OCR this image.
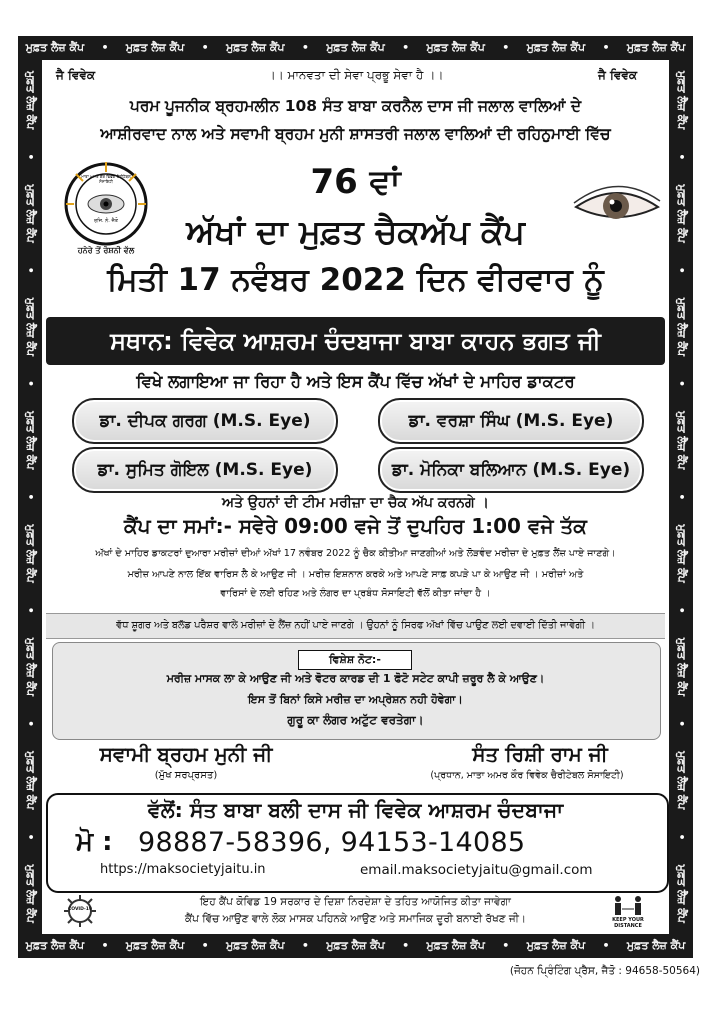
ਮੁਫ਼ਤ ਲੈਜ਼ ਕੈਂਪ • ਮੁਫ਼ਤ ਲੈਜ਼ ਕੈਂਪ • ਮੁਫ਼ਤ ਲੈਜ਼ ਕੈਂਪ • ਮੁਫ਼ਤ ਲੈਜ਼ ਕੈਂਪ • ਮੁਫ਼ਤ ਲੈਜ਼ ਕੈਂਪ • ਮੁਫ਼ਤ ਲੈਜ਼ ਕੈਂਪ • ਮੁਫ਼ਤ ਲੈਜ਼ ਕੈਂਪ
ਮੁਫ਼ਤ ਲੈਜ਼ ਕੈਂਪ • ਮੁਫ਼ਤ ਲੈਜ਼ ਕੈਂਪ • ਮੁਫ਼ਤ ਲੈਜ਼ ਕੈਂਪ • ਮੁਫ਼ਤ ਲੈਜ਼ ਕੈਂਪ • ਮੁਫ਼ਤ ਲੈਜ਼ ਕੈਂਪ • ਮੁਫ਼ਤ ਲੈਜ਼ ਕੈਂਪ • ਮੁਫ਼ਤ ਲੈਜ਼ ਕੈਂਪ
ਮੁਫ਼ਤ ਲੈਜ਼ ਕੈਂਪ
•
ਮੁਫ਼ਤ ਲੈਜ਼ ਕੈਂਪ
•
ਮੁਫ਼ਤ ਲੈਜ਼ ਕੈਂਪ
•
ਮੁਫ਼ਤ ਲੈਜ਼ ਕੈਂਪ
•
ਮੁਫ਼ਤ ਲੈਜ਼ ਕੈਂਪ
•
ਮੁਫ਼ਤ ਲੈਜ਼ ਕੈਂਪ
•
ਮੁਫ਼ਤ ਲੈਜ਼ ਕੈਂਪ
•
ਮੁਫ਼ਤ ਲੈਜ਼ ਕੈਂਪ
ਮੁਫ਼ਤ ਲੈਜ਼ ਕੈਂਪ
•
ਮੁਫ਼ਤ ਲੈਜ਼ ਕੈਂਪ
•
ਮੁਫ਼ਤ ਲੈਜ਼ ਕੈਂਪ
•
ਮੁਫ਼ਤ ਲੈਜ਼ ਕੈਂਪ
•
ਮੁਫ਼ਤ ਲੈਜ਼ ਕੈਂਪ
•
ਮੁਫ਼ਤ ਲੈਜ਼ ਕੈਂਪ
•
ਮੁਫ਼ਤ ਲੈਜ਼ ਕੈਂਪ
•
ਮੁਫ਼ਤ ਲੈਜ਼ ਕੈਂਪ
ਜੈ ਵਿਵੇਕ	।। ਮਾਨਵਤਾ ਦੀ ਸੇਵਾ ਪ੍ਰਭੂ ਸੇਵਾ ਹੈ ।।	ਜੈ ਵਿਵੇਕ
ਪਰਮ ਪੂਜਨੀਕ ਬ੍ਰਹਮਲੀਨ 108 ਸੰਤ ਬਾਬਾ ਕਰਨੈਲ ਦਾਸ ਜੀ ਜਲਾਲ ਵਾਲਿਆਂ ਦੇ
ਆਸ਼ੀਰਵਾਦ ਨਾਲ ਅਤੇ ਸਵਾਮੀ ਬ੍ਰਹਮ ਮੁਨੀ ਸ਼ਾਸਤਰੀ ਜਲਾਲ ਵਾਲਿਆਂ ਦੀ ਰਹਿਨੁਮਾਈ ਵਿੱਚ
ਮਾਤਾ ਅਮਰ ਕੌਰ ਵਿਵੇਕ ਚੈਰੀਟੇਬਲ ਸੋਸਾਇਟੀ
ਰਜਿ. ਨੰ. ਜੈਤੋ
ਹਨੇਰੇ ਤੋਂ ਰੋਸ਼ਨੀ ਵੱਲ
76 ਵਾਂ
ਅੱਖਾਂ ਦਾ ਮੁਫ਼ਤ ਚੈਕਅੱਪ ਕੈਂਪ
ਮਿਤੀ 17 ਨਵੰਬਰ 2022 ਦਿਨ ਵੀਰਵਾਰ ਨੂੰ
ਸਥਾਨ: ਵਿਵੇਕ ਆਸ਼ਰਮ ਚੰਦਬਾਜਾ ਬਾਬਾ ਕਾਹਨ ਭਗਤ ਜੀ
ਵਿਖੇ ਲਗਾਇਆ ਜਾ ਰਿਹਾ ਹੈ ਅਤੇ ਇਸ ਕੈਂਪ ਵਿੱਚ ਅੱਖਾਂ ਦੇ ਮਾਹਿਰ ਡਾਕਟਰ
ਡਾ. ਦੀਪਕ ਗਰਗ (M.S. Eye)	ਡਾ. ਵਰਸ਼ਾ ਸਿੰਘ (M.S. Eye)
ਡਾ. ਸੁਮਿਤ ਗੋਇਲ (M.S. Eye)	ਡਾ. ਮੋਨਿਕਾ ਬਲਿਆਨ (M.S. Eye)
ਅਤੇ ਉਹਨਾਂ ਦੀ ਟੀਮ ਮਰੀਜ਼ਾ ਦਾ ਚੈਕ ਅੱਪ ਕਰਨਗੇ ।
ਕੈਂਪ ਦਾ ਸਮਾਂ:- ਸਵੇਰੇ 09:00 ਵਜੇ ਤੋਂ ਦੁਪਹਿਰ 1:00 ਵਜੇ ਤੱਕ
ਅੱਖਾਂ ਦੇ ਮਾਹਿਰ ਡਾਕਟਰਾਂ ਦੁਆਰਾ ਮਰੀਜ਼ਾਂ ਦੀਆਂ ਅੱਖਾਂ 17 ਨਵੰਬਰ 2022 ਨੂੰ ਚੈਕ ਕੀਤੀਆ ਜਾਣਗੀਆਂ ਅਤੇ ਲੋੜਵੰਦ ਮਰੀਜ਼ਾ ਦੇ ਮੁਫ਼ਤ ਲੈਂਜ਼ ਪਾਏ ਜਾਣਗੇ।
ਮਰੀਜ਼ ਆਪਣੇ ਨਾਲ ਇੱਕ ਵਾਰਿਸ ਲੈ ਕੇ ਆਉਣ ਜੀ । ਮਰੀਜ਼ ਇਸ਼ਨਾਨ ਕਰਕੇ ਅਤੇ ਆਪਣੇ ਸਾਫ਼ ਕਪੜੇ ਪਾ ਕੇ ਆਉਣ ਜੀ । ਮਰੀਜ਼ਾਂ ਅਤੇ
ਵਾਰਿਸਾਂ ਦੇ ਲਈ ਰਹਿਣ ਅਤੇ ਲੰਗਰ ਦਾ ਪ੍ਰਬੰਧ ਸੋਸਾਇਟੀ ਵੱਲੋਂ ਕੀਤਾ ਜਾਂਦਾ ਹੈ ।
ਵੱਧ ਸ਼ੂਗਰ ਅਤੇ ਬਲੱਡ ਪਰੈਸ਼ਰ ਵਾਲੇ ਮਰੀਜ਼ਾਂ ਦੇ ਲੈਂਜ਼ ਨਹੀਂ ਪਾਏ ਜਾਣਗੇ । ਉਹਨਾਂ ਨੂੰ ਸਿਰਫ ਅੱਖਾਂ ਵਿੱਚ ਪਾਉਣ ਲਈ ਦਵਾਈ ਦਿੱਤੀ ਜਾਵੇਗੀ ।
ਵਿਸ਼ੇਸ਼ ਨੋਟ:-
ਮਰੀਜ਼ ਮਾਸਕ ਲਾ ਕੇ ਆਉਣ ਜੀ ਅਤੇ ਵੋਟਰ ਕਾਰਡ ਦੀ 1 ਫੋਟੋ ਸਟੇਟ ਕਾਪੀ ਜ਼ਰੂਰ ਲੈ ਕੇ ਆਉਣ।
ਇਸ ਤੋਂ ਬਿਨਾਂ ਕਿਸੇ ਮਰੀਜ਼ ਦਾ ਅਪ੍ਰੇਸ਼ਨ ਨਹੀ ਹੋਵੇਗਾ।
ਗੁਰੂ ਕਾ ਲੰਗਰ ਅਟੁੱਟ ਵਰਤੇਗਾ।
ਸਵਾਮੀ ਬ੍ਰਹਮ ਮੁਨੀ ਜੀ
(ਮੁੱਖ ਸਰਪ੍ਰਸਤ)
ਸੰਤ ਰਿਸ਼ੀ ਰਾਮ ਜੀ
(ਪ੍ਰਧਾਨ, ਮਾਤਾ ਅਮਰ ਕੌਰ ਵਿਵੇਕ ਚੈਰੀਟੇਬਲ ਸੋਸਾਇਟੀ)
ਵੱਲੋਂ: ਸੰਤ ਬਾਬਾ ਬਲੀ ਦਾਸ ਜੀ ਵਿਵੇਕ ਆਸ਼ਰਮ ਚੰਦਬਾਜਾ
ਮੋ : 98887-58396, 94153-14085
https://maksocietyjaitu.in	email.maksocietyjaitu@gmail.com
COVID-19
ਇਹ ਕੈਂਪ ਕੋਵਿਡ 19 ਸਰਕਾਰ ਦੇ ਦਿਸ਼ਾ ਨਿਰਦੇਸ਼ਾ ਦੇ ਤਹਿਤ ਆਯੋਜਿਤ ਕੀਤਾ ਜਾਵੇਗਾ
ਕੈਂਪ ਵਿੱਚ ਆਉਣ ਵਾਲੇ ਲੋਕ ਮਾਸਕ ਪਹਿਨਕੇ ਆਉਣ ਅਤੇ ਸਮਾਜਿਕ ਦੂਰੀ ਬਨਾਈ ਰੱਖਣ ਜੀ।	KEEP YOUR DISTANCE
(ਜੋਹਨ ਪ੍ਰਿੰਟਿੰਗ ਪ੍ਰੈਸ, ਜੈਤੋ : 94658-50564)
